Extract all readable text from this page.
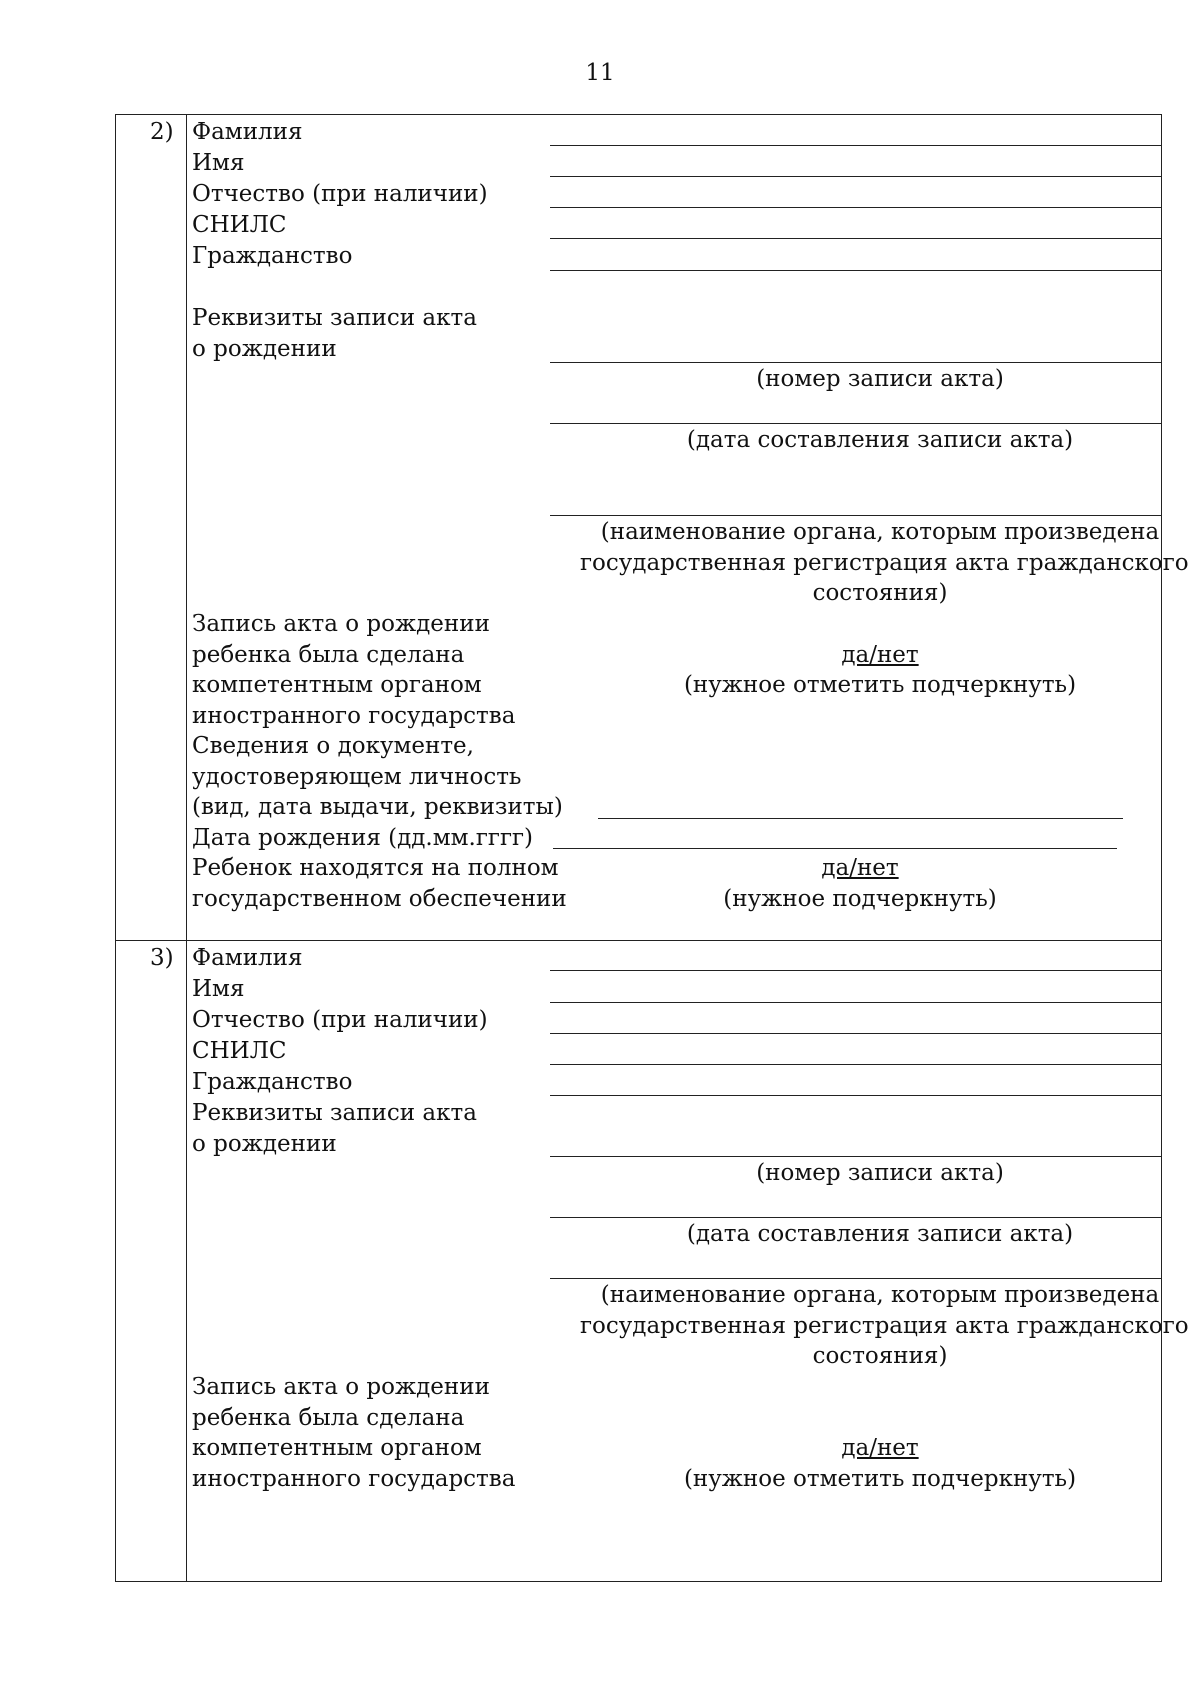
11
2) Фамилия
Имя
Отчество (при наличии)
СНИЛС
Гражданство
Реквизиты записи акта
о рождении
(номер записи акта)
(дата составления записи акта)
(наименование органа, которым произведена
государственная регистрация акта гражданского
состояния)
Запись акта о рождении
ребенка была сделана
компетентным органом
иностранного государства
да/нет
(нужное отметить подчеркнуть)
Сведения о документе,
удостоверяющем личность
(вид, дата выдачи, реквизиты)
Дата рождения (дд.мм.гггг)
Ребенок находятся на полном
государственном обеспечении
да/нет
(нужное подчеркнуть)
3) Фамилия
Имя
Отчество (при наличии)
СНИЛС
Гражданство
Реквизиты записи акта
о рождении
(номер записи акта)
(дата составления записи акта)
(наименование органа, которым произведена
государственная регистрация акта гражданского
состояния)
Запись акта о рождении
ребенка была сделана
компетентным органом
иностранного государства
да/нет
(нужное отметить подчеркнуть)
